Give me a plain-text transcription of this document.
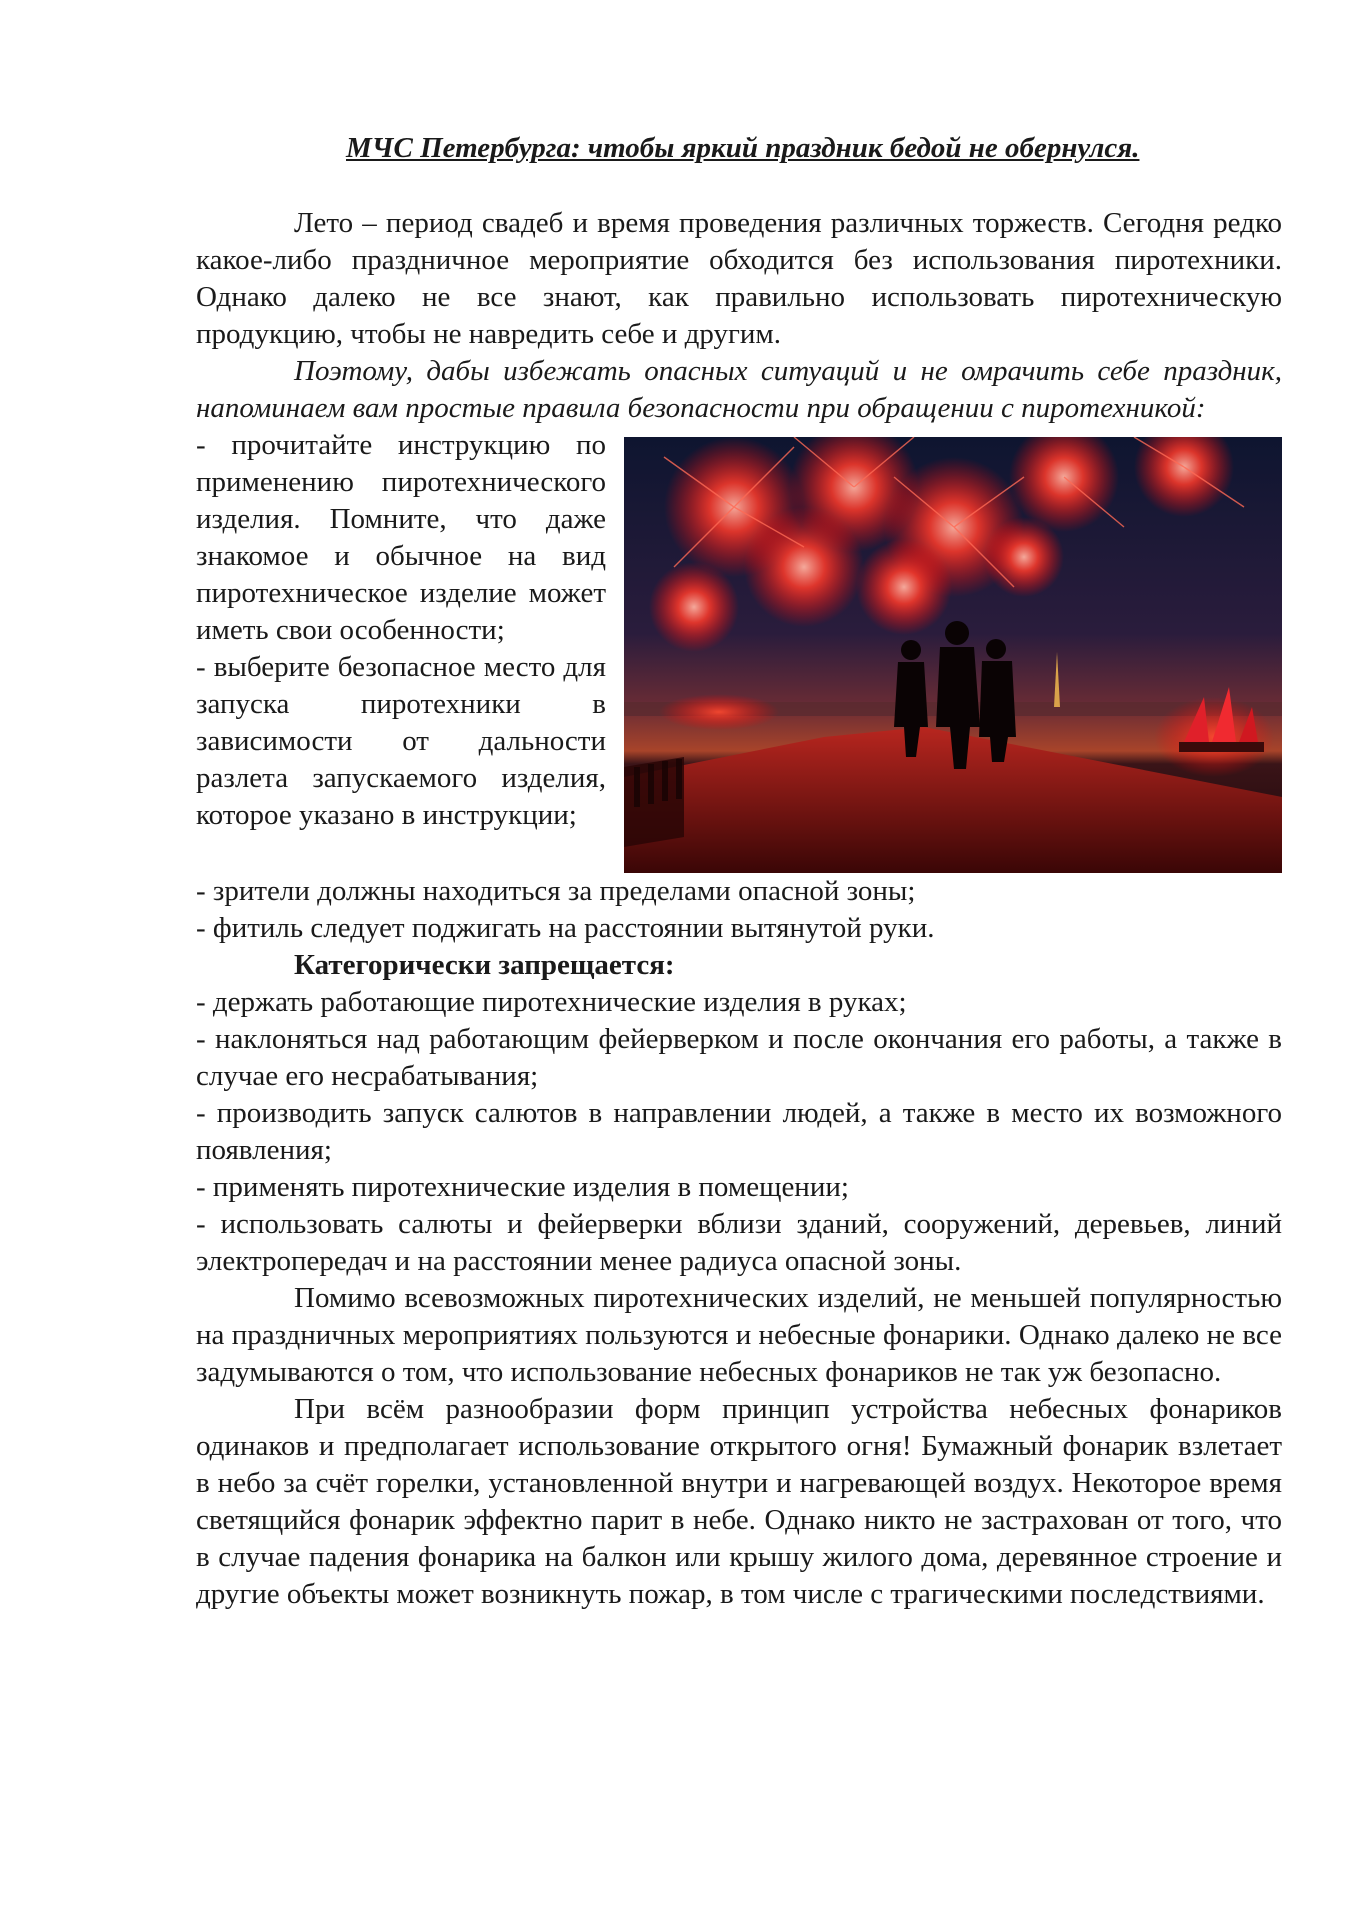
МЧС Петербурга: чтобы яркий праздник бедой не обернулся.

Лето – период свадеб и время проведения различных торжеств. Сегодня редко какое-либо праздничное мероприятие обходится без использования пиротехники. Однако далеко не все знают, как правильно использовать пиротехническую продукцию, чтобы не навредить себе и другим.

Поэтому, дабы избежать опасных ситуаций и не омрачить себе праздник, напоминаем вам простые правила безопасности при обращении с пиротехникой:

- прочитайте инструкцию по применению пиротехнического изделия. Помните, что даже знакомое и обычное на вид пиротехническое изделие может иметь свои особенности;

- выберите безопасное место для запуска пиротехники в зависимости от дальности разлета запускаемого изделия, которое указано в инструкции;

- зрители должны находиться за пределами опасной зоны;

- фитиль следует поджигать на расстоянии вытянутой руки.

Категорически запрещается:

- держать работающие пиротехнические изделия в руках;

- наклоняться над работающим фейерверком и после окончания его работы, а также в случае его несрабатывания;

- производить запуск салютов в направлении людей, а также в место их возможного появления;

- применять пиротехнические изделия в помещении;

- использовать салюты и фейерверки вблизи зданий, сооружений, деревьев, линий электропередач и на расстоянии менее радиуса опасной зоны.

Помимо всевозможных пиротехнических изделий, не меньшей популярностью на праздничных мероприятиях пользуются и небесные фонарики. Однако далеко не все задумываются о том, что использование небесных фонариков не так уж безопасно.

При всём разнообразии форм принцип устройства небесных фонариков одинаков и предполагает использование открытого огня! Бумажный фонарик взлетает в небо за счёт горелки, установленной внутри и нагревающей воздух. Некоторое время светящийся фонарик эффектно парит в небе. Однако никто не застрахован от того, что в случае падения фонарика на балкон или крышу жилого дома, деревянное строение и другие объекты может возникнуть пожар, в том числе с трагическими последствиями.
